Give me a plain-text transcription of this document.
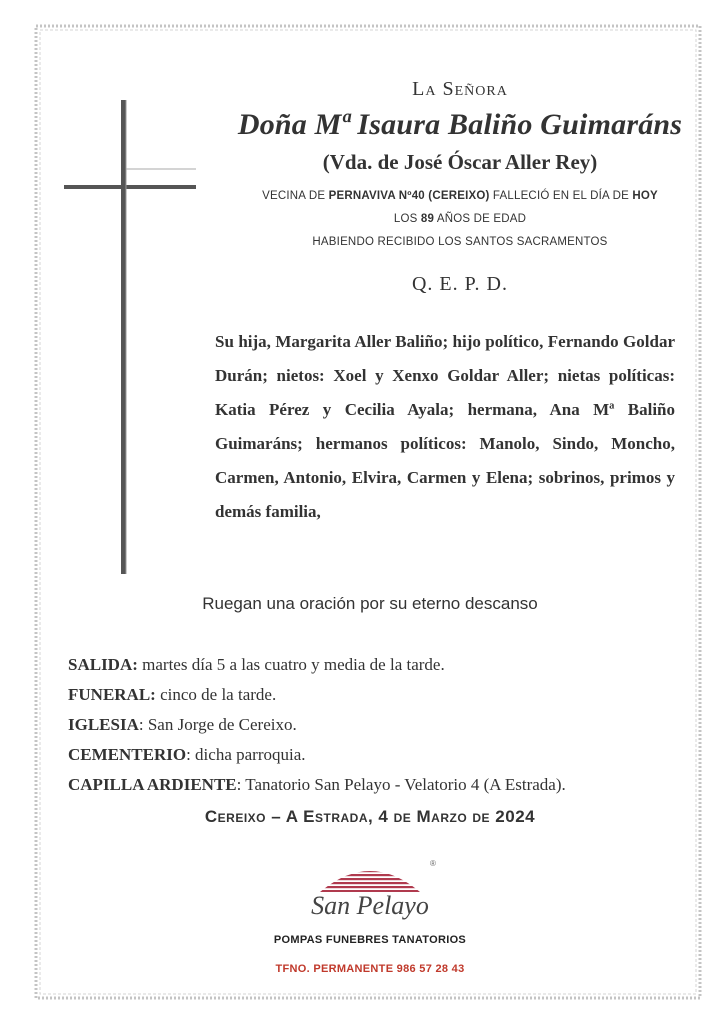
La Señora
Doña Mª Isaura Baliño Guimaráns
(Vda. de José Óscar Aller Rey)
VECINA DE PERNAVIVA Nº40 (CEREIXO) FALLECIÓ EN EL DÍA DE HOY
LOS 89 AÑOS DE EDAD
HABIENDO RECIBIDO LOS SANTOS SACRAMENTOS
Q. E. P. D.
Su hija, Margarita Aller Baliño; hijo político, Fernando Goldar Durán; nietos: Xoel y Xenxo Goldar Aller; nietas políticas: Katia Pérez y Cecilia Ayala; hermana, Ana Mª Baliño Guimaráns; hermanos políticos: Manolo, Sindo, Moncho, Carmen, Antonio, Elvira, Carmen y Elena; sobrinos, primos y demás familia,
Ruegan una oración por su eterno descanso
SALIDA: martes día 5 a las cuatro y media de la tarde.
FUNERAL: cinco de la tarde.
IGLESIA: San Jorge de Cereixo.
CEMENTERIO: dicha parroquia.
CAPILLA ARDIENTE: Tanatorio San Pelayo - Velatorio 4 (A Estrada).
Cereixo – A Estrada, 4 de Marzo de 2024
San Pelayo
®
POMPAS FUNEBRES TANATORIOS
TFNO. PERMANENTE 986 57 28 43
